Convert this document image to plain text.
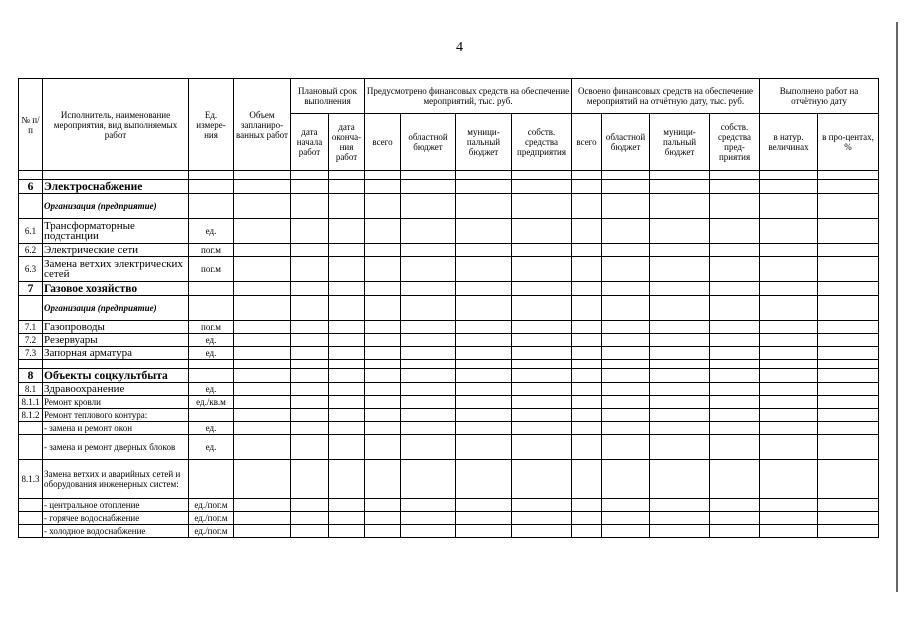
4
№ п/п	Исполнитель, наименование мероприятия, вид выполняемых работ	Ед. измере-ния	Объем запланиро-ванных работ	Плановый срок выполнения		Предусмотрено финансовых средств на обеспечение мероприятий, тыс. руб.				Освоено финансовых средств на обеспечение мероприятий на отчётную дату, тыс. руб.				Выполнено работ на отчётную дату	
				дата начала работ	дата оконча-ния работ	всего	областной бюджет	муници-пальный бюджет	собств. средства предприятия	всего	областной бюджет	муници-пальный бюджет	собств. средства пред-приятия	в натур. величинах	в про-центах, %

6	Электроснабжение														
	Организация (предприятие)														
6.1	Трансформаторные подстанции	ед.													
6.2	Электрические сети	пог.м													
6.3	Замена ветхих электрических сетей	пог.м													
7	Газовое хозяйство														
	Организация (предприятие)														
7.1	Газопроводы	пог.м													
7.2	Резервуары	ед.													
7.3	Запорная арматура	ед.													

8	Объекты соцкультбыта														
8.1	Здравоохранение	ед.													
8.1.1	Ремонт кровли	ед./кв.м													
8.1.2	Ремонт теплового контура:														
	- замена и ремонт окон	ед.													
	- замена и ремонт дверных блоков	ед.													
8.1.3	Замена ветхих и аварийных сетей и оборудования инженерных систем:														
	- центральное отопление	ед./пог.м													
	- горячее водоснабжение	ед./пог.м													
	- холодное водоснабжение	ед./пог.м													
